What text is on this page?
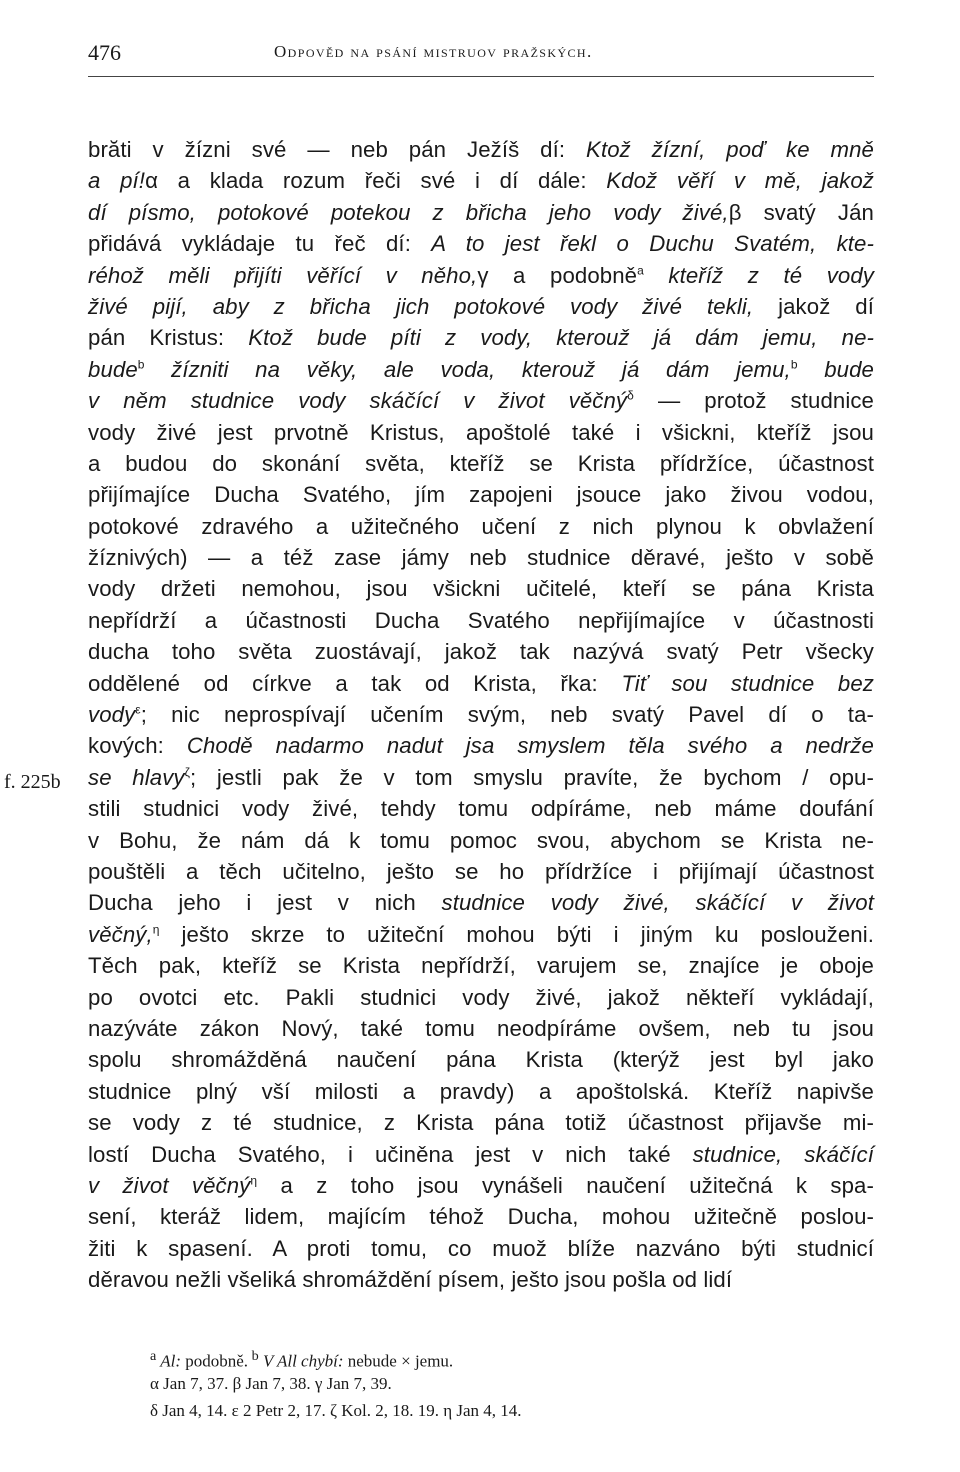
476	Odpověd na psání mistruov pražských.
f. 225b
brăti v žízni své — neb pán Ježíš dí: Ktož žízní, poď ke mně
a pí!α a klada rozum řeči své i dí dále: Kdož věří v mě, jakož
dí písmo, potokové potekou z břicha jeho vody živé,β svatý Ján
přidává vykládaje tu řeč dí: A to jest řekl o Duchu Svatém, kte-
réhož měli přijíti věřící v něho,γ a podobně$^a$ kteříž z té vody
živé pijí, aby z břicha jich potokové vody živé tekli, jakož dí
pán Kristus: Ktož bude píti z vody, kterouž já dám jemu, ne-
bude$^b$ žízniti na věky, ale voda, kterouž já dám jemu,$^b$ bude
v něm studnice vody skáčící v život věčný$^\delta$ — protož studnice
vody živé jest prvotně Kristus, apoštolé také i všickni, kteříž jsou
a budou do skonání světa, kteříž se Krista přídržíce, účastnost
přijímajíce Ducha Svatého, jím zapojeni jsouce jako živou vodou,
potokové zdravého a užitečného učení z nich plynou k obvlažení
žíznivých) — a též zase jámy neb studnice děravé, ješto v sobě
vody držeti nemohou, jsou všickni učitelé, kteří se pána Krista
nepřídrží a účastnosti Ducha Svatého nepřijímajíce v účastnosti
ducha toho světa zuostávají, jakož tak nazývá svatý Petr všecky
oddělené od církve a tak od Krista, řka: Tiť sou studnice bez
vody$^\varepsilon$; nic neprospívají učením svým, neb svatý Pavel dí o ta-
kových: Chodě nadarmo nadut jsa smyslem těla svého a nedrže
se hlavy$^\zeta$; jestli pak že v tom smyslu pravíte, že bychom / opu-
stili studnici vody živé, tehdy tomu odpíráme, neb máme doufání
v Bohu, že nám dá k tomu pomoc svou, abychom se Krista ne-
pouštěli a těch učitelno, ješto se ho přídržíce i přijímají účastnost
Ducha jeho i jest v nich studnice vody živé, skáčící v život
věčný,$^\eta$ ješto skrze to užiteční mohou býti i jiným ku poslouženi.
Těch pak, kteříž se Krista nepřídrží, varujem se, znajíce je oboje
po ovotci etc. Pakli studnici vody živé, jakož někteří vykládají,
nazýváte zákon Nový, také tomu neodpíráme ovšem, neb tu jsou
spolu shromážděná naučení pána Krista (kterýž jest byl jako
studnice plný vší milosti a pravdy) a apoštolská. Kteříž napivše
se vody z té studnice, z Krista pána totiž účastnost přijavše mi-
lostí Ducha Svatého, i učiněna jest v nich také studnice, skáčící
v život věčný$^\eta$ a z toho jsou vynášeli naučení užitečná k spa-
sení, kteráž lidem, majícím téhož Ducha, mohou užitečně poslou-
žiti k spasení. A proti tomu, co muož blíže nazváno býti studnicí
děravou nežli všeliká shromáždění písem, ješto jsou pošla od lidí
$^a$ Al: podobně. $^b$ V All chybí: nebude × jemu.
α Jan 7, 37. β Jan 7, 38. γ Jan 7, 39.
δ Jan 4, 14. ε 2 Petr 2, 17. ζ Kol. 2, 18. 19. η Jan 4, 14.
